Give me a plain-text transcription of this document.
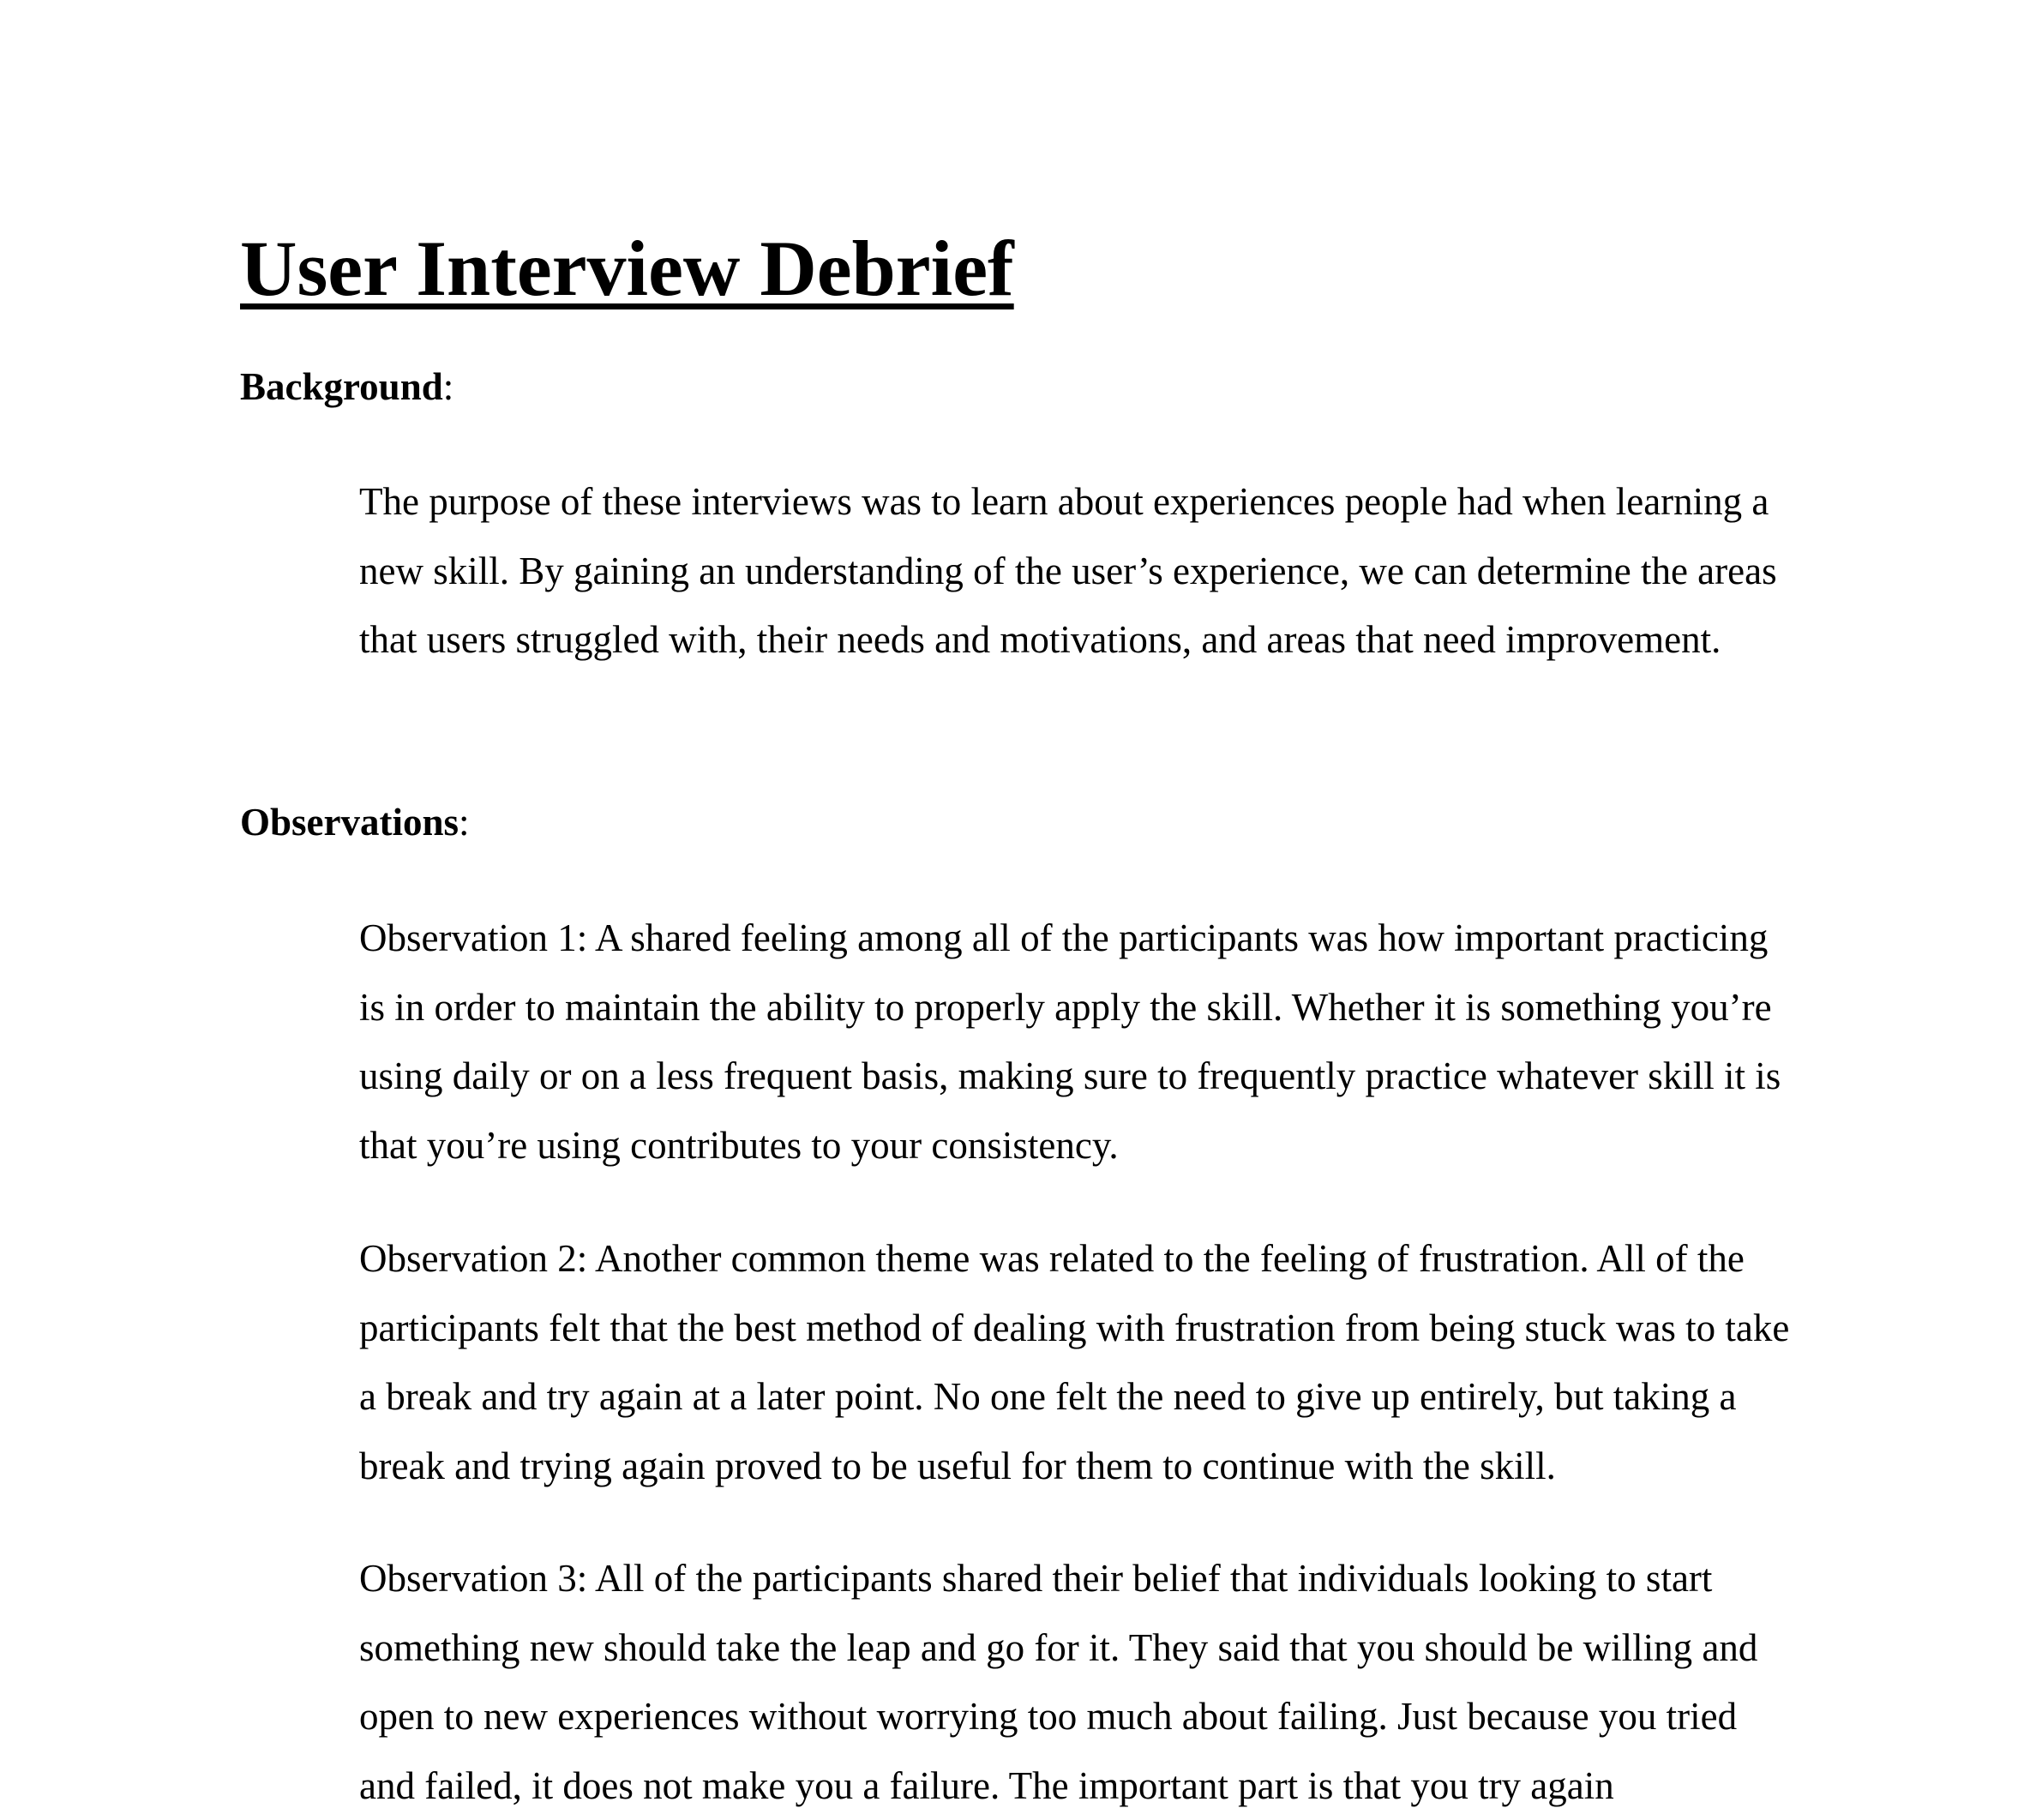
User Interview Debrief
Background:

The purpose of these interviews was to learn about experiences people had when learning a new skill. By gaining an understanding of the user’s experience, we can determine the areas that users struggled with, their needs and motivations, and areas that need improvement.

Observations:

Observation 1: A shared feeling among all of the participants was how important practicing is in order to maintain the ability to properly apply the skill. Whether it is something you’re using daily or on a less frequent basis, making sure to frequently practice whatever skill it is that you’re using contributes to your consistency.

Observation 2: Another common theme was related to the feeling of frustration. All of the participants felt that the best method of dealing with frustration from being stuck was to take a break and try again at a later point. No one felt the need to give up entirely, but taking a break and trying again proved to be useful for them to continue with the skill.

Observation 3: All of the participants shared their belief that individuals looking to start something new should take the leap and go for it. They said that you should be willing and open to new experiences without worrying too much about failing. Just because you tried and failed, it does not make you a failure. The important part is that you try again
